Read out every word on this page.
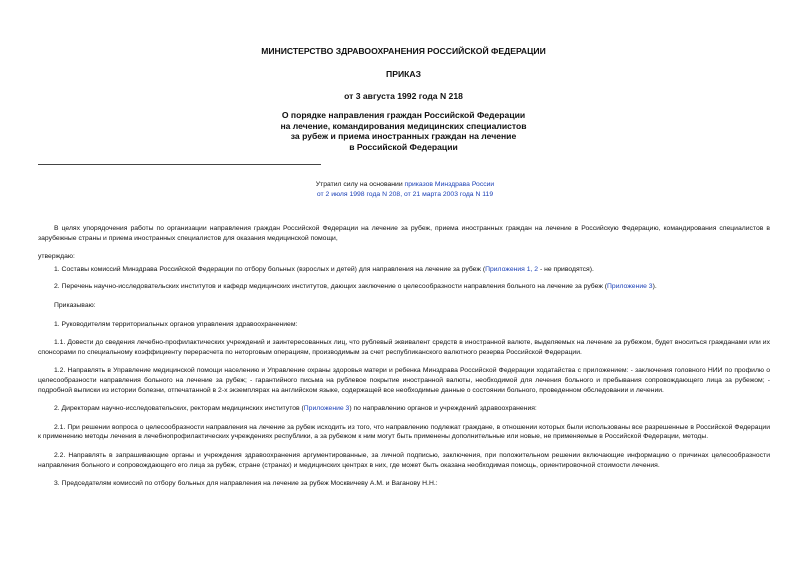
МИНИСТЕРСТВО ЗДРАВООХРАНЕНИЯ РОССИЙСКОЙ ФЕДЕРАЦИИ
ПРИКАЗ
от 3 августа 1992 года N 218
О порядке направления граждан Российской Федерации
на лечение, командирования медицинских специалистов
за рубеж и приема иностранных граждан на лечение
в Российской Федерации
Утратил силу на основании приказов Минздрава России
от 2 июля 1998 года N 208, от 21 марта 2003 года N 119

В целях упорядочения работы по организации направления граждан Российской Федерации на лечение за рубеж, приема иностранных граждан на лечение в Российскую Федерацию, командирования специалистов в зарубежные страны и приема иностранных специалистов для оказания медицинской помощи,

утверждаю:

1. Составы комиссий Минздрава Российской Федерации по отбору больных (взрослых и детей) для направления на лечение за рубеж (Приложения 1, 2 - не приводятся).

2. Перечень научно-исследовательских институтов и кафедр медицинских институтов, дающих заключение о целесообразности направления больного на лечение за рубеж (Приложение 3).

Приказываю:

1. Руководителям территориальных органов управления здравоохранением:

1.1. Довести до сведения лечебно-профилактических учреждений и заинтересованных лиц, что рублевый эквивалент средств в иностранной валюте, выделяемых на лечение за рубежом, будет вноситься гражданами или их спонсорами по специальному коэффициенту перерасчета по неторговым операциям, производимым за счет республиканского валютного резерва Российской Федерации.

1.2. Направлять в Управление медицинской помощи населению и Управление охраны здоровья матери и ребенка Минздрава Российской Федерации ходатайства с приложением: - заключения головного НИИ по профилю о целесообразности направления больного на лечение за рубеж; - гарантийного письма на рублевое покрытие иностранной валюты, необходимой для лечения больного и пребывания сопровождающего лица за рубежом; - подробной выписки из истории болезни, отпечатанной в 2-х экземплярах на английском языке, содержащей все необходимые данные о состоянии больного, проведенном обследовании и лечении.

2. Директорам научно-исследовательских, ректорам медицинских институтов (Приложение 3) по направлению органов и учреждений здравоохранения:

2.1. При решении вопроса о целесообразности направления на лечение за рубеж исходить из того, что направлению подлежат граждане, в отношении которых были использованы все разрешенные в Российской Федерации к применению методы лечения в лечебнопрофилактических учреждениях республики, а за рубежом к ним могут быть применены дополнительные или новые, не применяемые в Российской Федерации, методы.

2.2. Направлять в запрашивающие органы и учреждения здравоохранения аргументированные, за личной подписью, заключения, при положительном решении включающие информацию о причинах целесообразности направления больного и сопровождающего его лица за рубеж, стране (странах) и медицинских центрах в них, где может быть оказана необходимая помощь, ориентировочной стоимости лечения.

3. Председателям комиссий по отбору больных для направления на лечение за рубеж Москвичеву А.М. и Ваганову Н.Н.:
